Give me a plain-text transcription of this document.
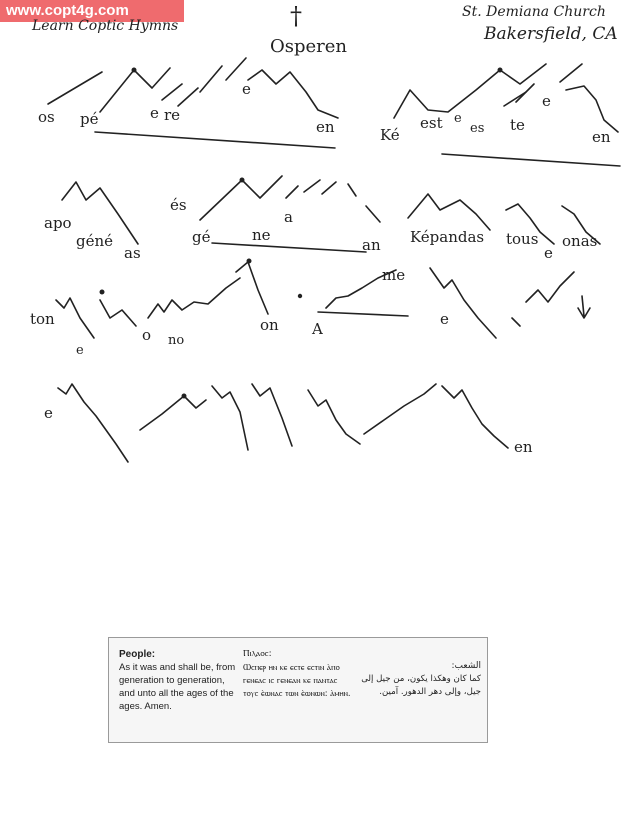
www.copt4g.com
Learn Coptic Hymns	†
Osperen
St. Demiana Church
Bakersfield, CA
os pé	e re
e
en	Ké
est e
es te
e
en
apo
géné
as
és
gé	ne
a
an Képandas tous
e
onas
ton
e
o no
on A
me
e
e
en
People:
As it was and shall be, from generation to generation, and unto all the ages of the ages. Amen.
Ⲡⲓⲗⲁⲟⲥ:
Ⲱⲥⲡⲉⲣ ⲏⲛ ⲕⲉ ⲉⲥⲧⲉ ⲉⲥⲧⲓⲛ ⲁ̀ⲡⲟ ⲅⲉⲛⲉⲁⲥ ⲓⲥ ⲅⲉⲛⲉⲁⲛ ⲕⲉ ⲡⲁⲛⲧⲁⲥ ⲧⲟⲩⲥ ⲉ̀ⲱⲛⲁⲥ ⲧⲱⲛ ⲉ̀ⲱⲛⲱⲛ: ⲁ̀ⲙⲏⲛ.
الشعب:
كما كان وهكذا يكون، من جيل إلى جيل، وإلى دهر الدهور. آمين.
